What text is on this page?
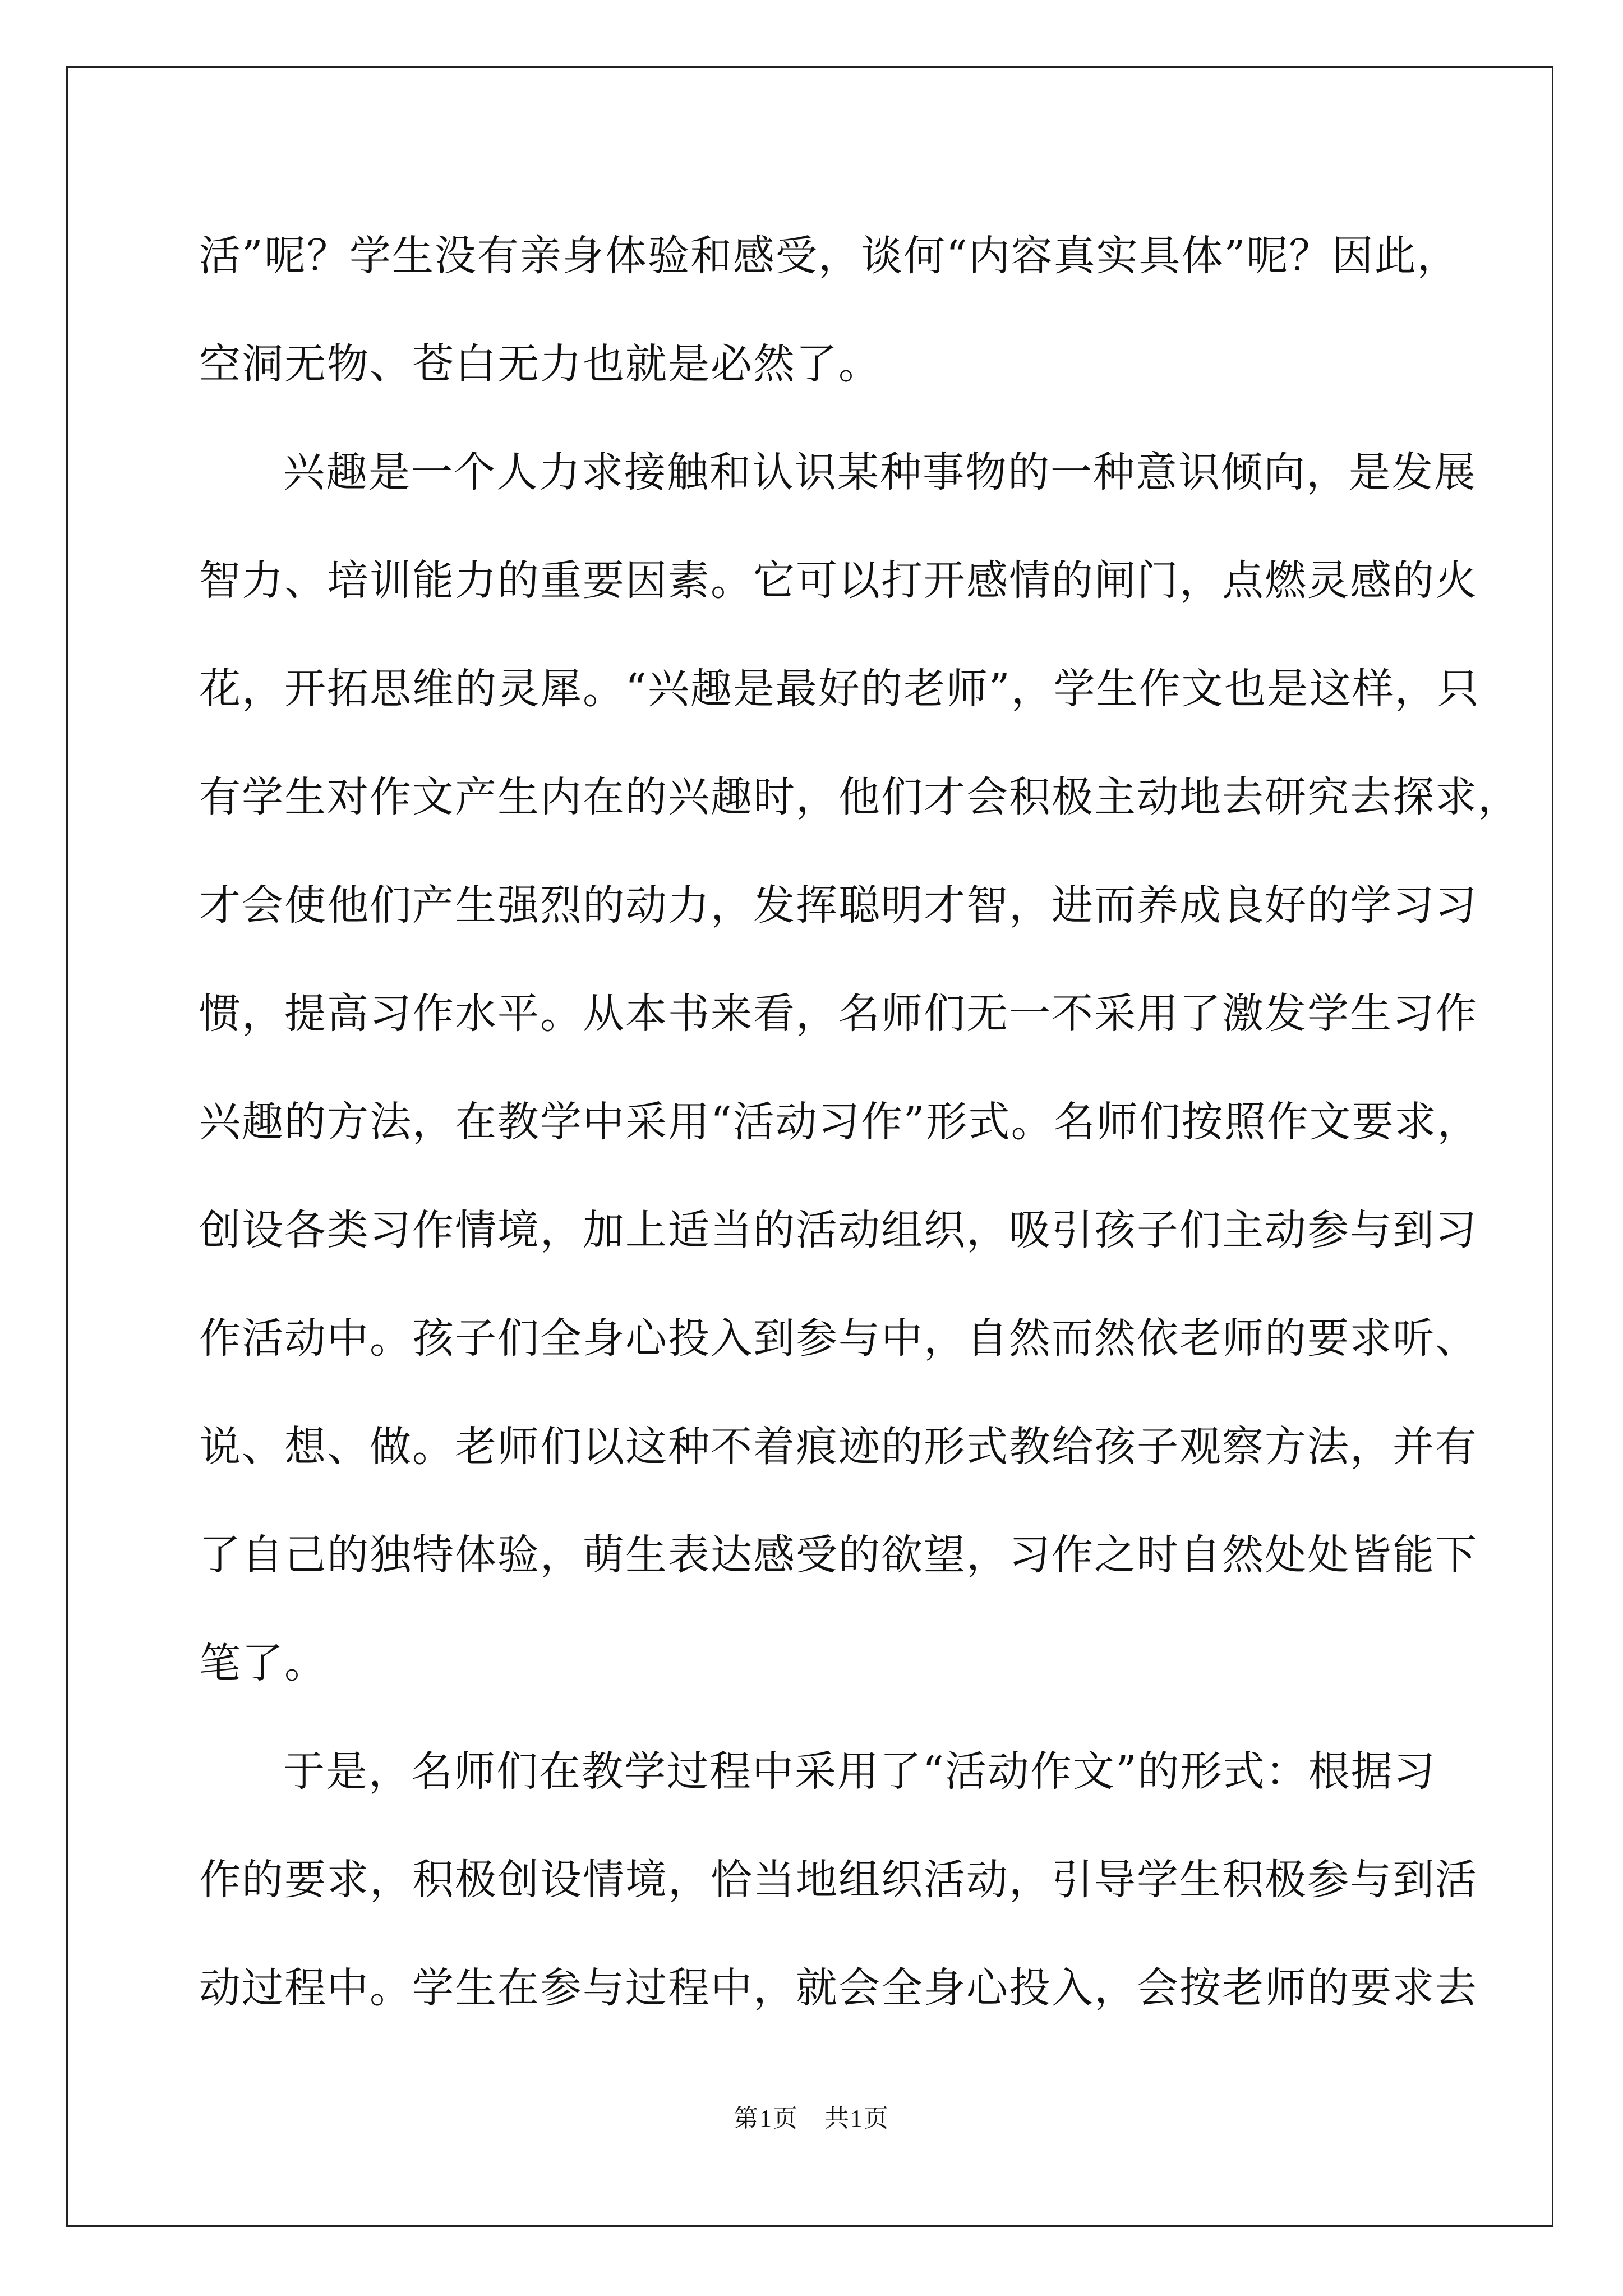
活”呢？学生没有亲身体验和感受，谈何“内容真实具体”呢？因此，
空洞无物、苍白无力也就是必然了。
兴趣是一个人力求接触和认识某种事物的一种意识倾向，是发展
智力、培训能力的重要因素。它可以打开感情的闸门，点燃灵感的火
花，开拓思维的灵犀。“兴趣是最好的老师”，学生作文也是这样，只
有学生对作文产生内在的兴趣时，他们才会积极主动地去研究去探求，
才会使他们产生强烈的动力，发挥聪明才智，进而养成良好的学习习
惯，提高习作水平。从本书来看，名师们无一不采用了激发学生习作
兴趣的方法，在教学中采用“活动习作”形式。名师们按照作文要求，
创设各类习作情境，加上适当的活动组织，吸引孩子们主动参与到习
作活动中。孩子们全身心投入到参与中，自然而然依老师的要求听、
说、想、做。老师们以这种不着痕迹的形式教给孩子观察方法，并有
了自己的独特体验，萌生表达感受的欲望，习作之时自然处处皆能下
笔了。
于是，名师们在教学过程中采用了“活动作文”的形式：根据习
作的要求，积极创设情境，恰当地组织活动，引导学生积极参与到活
动过程中。学生在参与过程中，就会全身心投入，会按老师的要求去
第1页　共1页
